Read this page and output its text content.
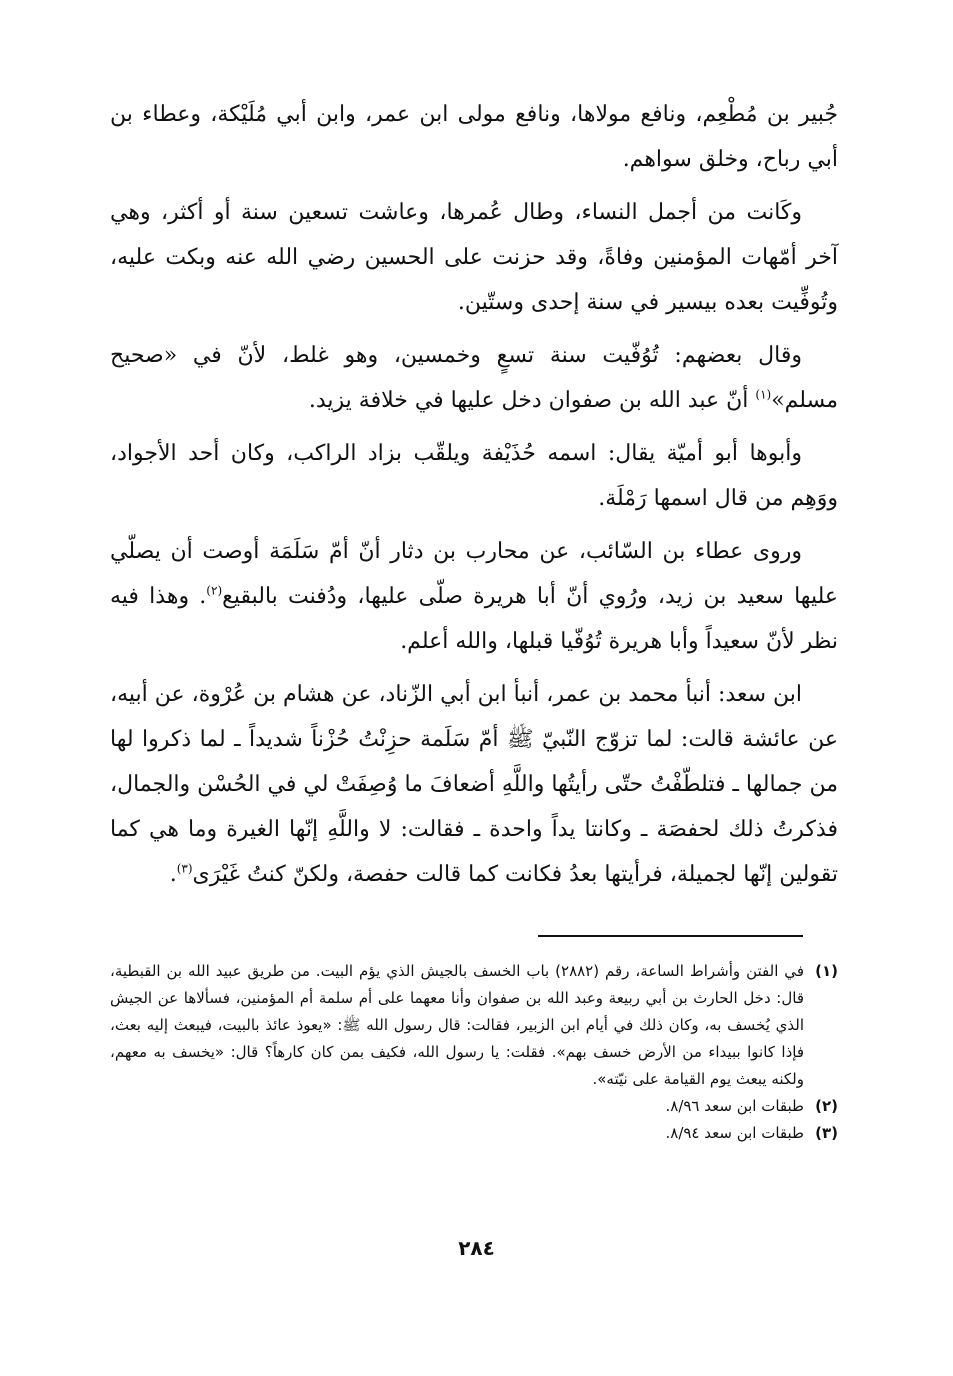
جُبير بن مُطْعِم، ونافع مولاها، ونافع مولى ابن عمر، وابن أبي مُلَيْكة، وعطاء بن أبي رباح، وخلق سواهم.

وكَانت من أجمل النساء، وطال عُمرها، وعاشت تسعين سنة أو أكثر، وهي آخر أمّهات المؤمنين وفاةً، وقد حزنت على الحسين رضي الله عنه وبكت عليه، وتُوفِّيت بعده بيسير في سنة إحدى وستّين.

وقال بعضهم: تُوُفّيت سنة تسعٍ وخمسين، وهو غلط، لأنّ في «صحيح مسلم»$^{(١)}$ أنّ عبد الله بن صفوان دخل عليها في خلافة يزيد.

وأبوها أبو أميّة يقال: اسمه حُذَيْفة ويلقّب بزاد الراكب، وكان أحد الأجواد، ووَهِم من قال اسمها رَمْلَة.

وروى عطاء بن السّائب، عن محارب بن دثار أنّ أمّ سَلَمَة أوصت أن يصلّي عليها سعيد بن زيد، ورُوي أنّ أبا هريرة صلّى عليها، ودُفنت بالبقيع$^{(٢)}$. وهذا فيه نظر لأنّ سعيداً وأبا هريرة تُوُفّيا قبلها، والله أعلم.

ابن سعد: أنبأ محمد بن عمر، أنبأ ابن أبي الزّناد، عن هشام بن عُرْوة، عن أبيه، عن عائشة قالت: لما تزوّج النّبيّ ﷺ أمّ سَلَمة حزِنْتُ حُزْناً شديداً ـ لما ذكروا لها من جمالها ـ فتلطّفْتُ حتّى رأيتُها واللَّهِ أضعافَ ما وُصِفَتْ لي في الحُسْن والجمال، فذكرتُ ذلك لحفصَة ـ وكانتا يداً واحدة ـ فقالت: لا واللَّهِ إنّها الغيرة وما هي كما تقولين إنّها لجميلة، فرأيتها بعدُ فكانت كما قالت حفصة، ولكنّ كنتُ غَيْرَى$^{(٣)}$.

(١)
في الفتن وأشراط الساعة، رقم (٢٨٨٢) باب الخسف بالجيش الذي يؤم البيت. من طريق عبيد الله بن القبطية، قال: دخل الحارث بن أبي ربيعة وعبد الله بن صفوان وأنا معهما على أم سلمة أم المؤمنين، فسألاها عن الجيش الذي يُخسف به، وكان ذلك في أيام ابن الزبير، فقالت: قال رسول الله ﷺ: «يعوذ عائذ بالبيت، فيبعث إليه بعث، فإذا كانوا ببيداء من الأرض خسف بهم». فقلت: يا رسول الله، فكيف بمن كان كارهاً؟ قال: «يخسف به معهم، ولكنه يبعث يوم القيامة على نيّته».
(٢)
طبقات ابن سعد ٨/٩٦.
(٣)
طبقات ابن سعد ٨/٩٤.
٢٨٤
